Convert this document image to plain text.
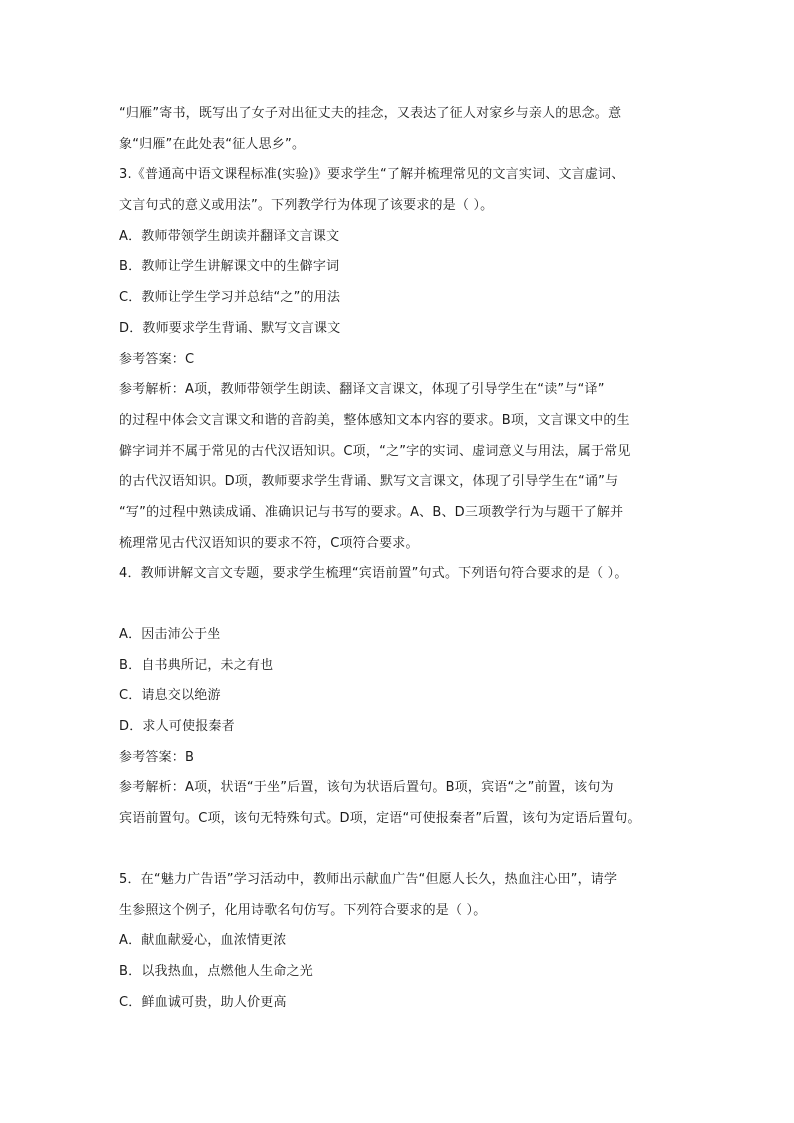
“归雁”寄书，既写出了女子对出征丈夫的挂念，又表达了征人对家乡与亲人的思念。意
象“归雁”在此处表“征人思乡”。
3.《普通高中语文课程标准(实验)》要求学生“了解并梳理常见的文言实词、文言虚词、
文言句式的意义或用法”。下列教学行为体现了该要求的是（ ）。
A．教师带领学生朗读并翻译文言课文
B．教师让学生讲解课文中的生僻字词
C．教师让学生学习并总结“之”的用法
D．教师要求学生背诵、默写文言课文
参考答案：C
参考解析：A项，教师带领学生朗读、翻译文言课文，体现了引导学生在“读”与“译”
的过程中体会文言课文和谐的音韵美，整体感知文本内容的要求。B项，文言课文中的生
僻字词并不属于常见的古代汉语知识。C项，“之”字的实词、虚词意义与用法，属于常见
的古代汉语知识。D项，教师要求学生背诵、默写文言课文，体现了引导学生在“诵”与
“写”的过程中熟读成诵、准确识记与书写的要求。A、B、D三项教学行为与题干了解并
梳理常见古代汉语知识的要求不符，C项符合要求。
4．教师讲解文言文专题，要求学生梳理“宾语前置”句式。下列语句符合要求的是（ ）。
A．因击沛公于坐
B．自书典所记，未之有也
C．请息交以绝游
D．求人可使报秦者
参考答案：B
参考解析：A项，状语“于坐”后置，该句为状语后置句。B项，宾语“之”前置，该句为
宾语前置句。C项，该句无特殊句式。D项，定语“可使报秦者”后置，该句为定语后置句。
5．在“魅力广告语”学习活动中，教师出示献血广告“但愿人长久，热血注心田”，请学
生参照这个例子，化用诗歌名句仿写。下列符合要求的是（ ）。
A．献血献爱心，血浓情更浓
B．以我热血，点燃他人生命之光
C．鲜血诚可贵，助人价更高
